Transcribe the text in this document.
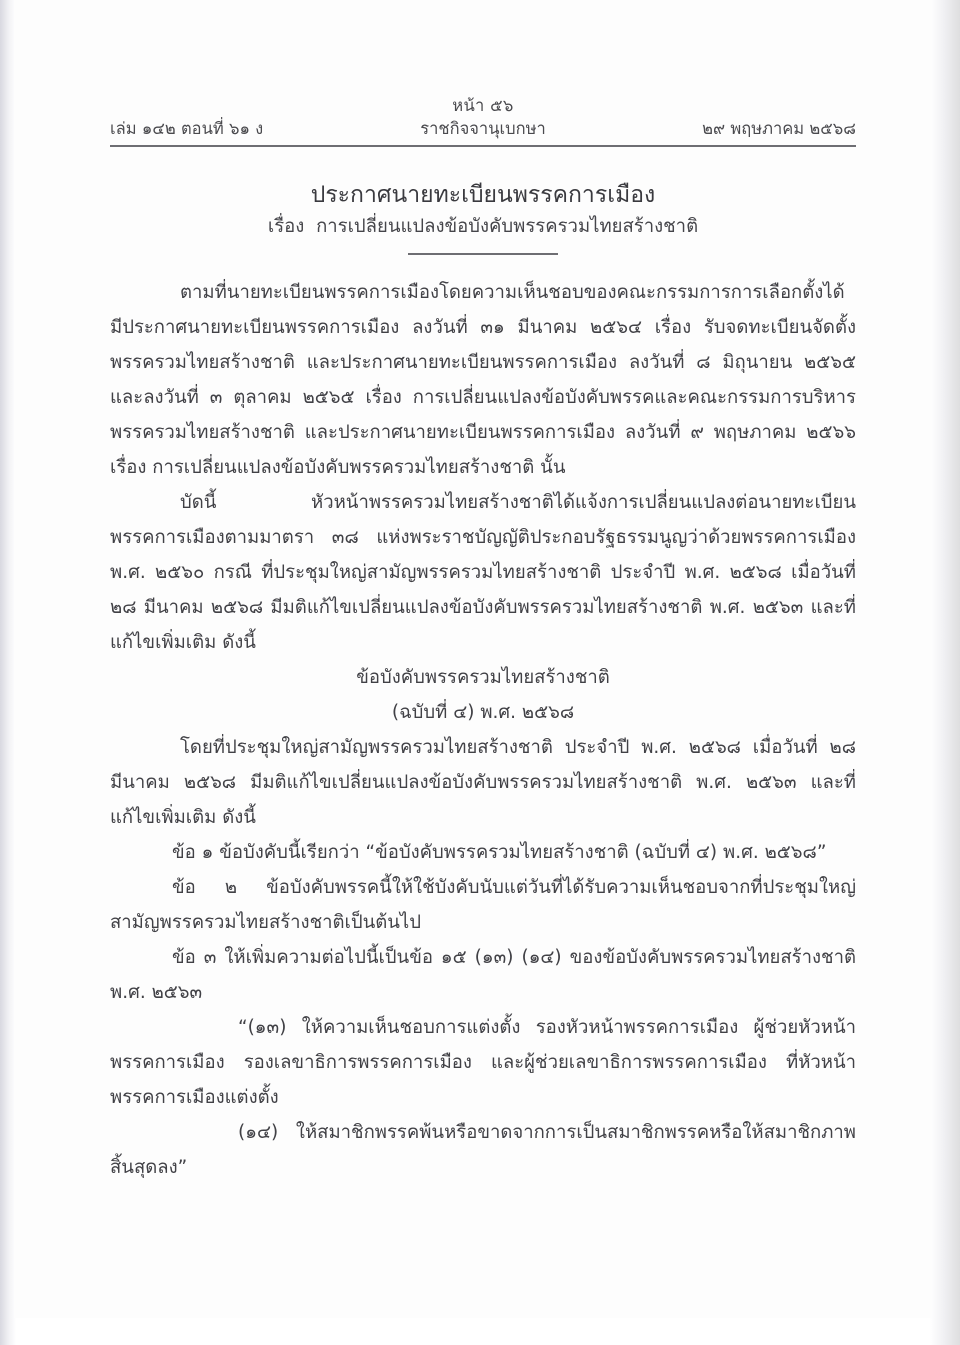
หน้า ๕๖
เล่ม ๑๔๒ ตอนที่ ๖๑ ง	ราชกิจจานุเบกษา	๒๙ พฤษภาคม ๒๕๖๘
ประกาศนายทะเบียนพรรคการเมือง
เรื่อง  การเปลี่ยนแปลงข้อบังคับพรรครวมไทยสร้างชาติ

ตามที่นายทะเบียนพรรคการเมืองโดยความเห็นชอบของคณะกรรมการการเลือกตั้งได้มีประกาศนายทะเบียนพรรคการเมือง ลงวันที่ ๓๑ มีนาคม ๒๕๖๔ เรื่อง รับจดทะเบียนจัดตั้งพรรครวมไทยสร้างชาติ และประกาศนายทะเบียนพรรคการเมือง ลงวันที่ ๘ มิถุนายน ๒๕๖๕ และลงวันที่ ๓ ตุลาคม ๒๕๖๕ เรื่อง การเปลี่ยนแปลงข้อบังคับพรรคและคณะกรรมการบริหารพรรครวมไทยสร้างชาติ และประกาศนายทะเบียนพรรคการเมือง ลงวันที่ ๙ พฤษภาคม ๒๕๖๖ เรื่อง การเปลี่ยนแปลงข้อบังคับพรรครวมไทยสร้างชาติ นั้น

บัดนี้ หัวหน้าพรรครวมไทยสร้างชาติได้แจ้งการเปลี่ยนแปลงต่อนายทะเบียนพรรคการเมืองตามมาตรา ๓๘ แห่งพระราชบัญญัติประกอบรัฐธรรมนูญว่าด้วยพรรคการเมือง พ.ศ. ๒๕๖๐ กรณี ที่ประชุมใหญ่สามัญพรรครวมไทยสร้างชาติ ประจำปี พ.ศ. ๒๕๖๘ เมื่อวันที่ ๒๘ มีนาคม ๒๕๖๘ มีมติแก้ไขเปลี่ยนแปลงข้อบังคับพรรครวมไทยสร้างชาติ พ.ศ. ๒๕๖๓ และที่แก้ไขเพิ่มเติม ดังนี้

ข้อบังคับพรรครวมไทยสร้างชาติ

(ฉบับที่ ๔) พ.ศ. ๒๕๖๘

โดยที่ประชุมใหญ่สามัญพรรครวมไทยสร้างชาติ ประจำปี พ.ศ. ๒๕๖๘ เมื่อวันที่ ๒๘ มีนาคม ๒๕๖๘ มีมติแก้ไขเปลี่ยนแปลงข้อบังคับพรรครวมไทยสร้างชาติ พ.ศ. ๒๕๖๓ และที่แก้ไขเพิ่มเติม ดังนี้

ข้อ ๑ ข้อบังคับนี้เรียกว่า “ข้อบังคับพรรครวมไทยสร้างชาติ (ฉบับที่ ๔) พ.ศ. ๒๕๖๘”

ข้อ ๒ ข้อบังคับพรรคนี้ให้ใช้บังคับนับแต่วันที่ได้รับความเห็นชอบจากที่ประชุมใหญ่สามัญพรรครวมไทยสร้างชาติเป็นต้นไป

ข้อ ๓ ให้เพิ่มความต่อไปนี้เป็นข้อ ๑๕ (๑๓) (๑๔) ของข้อบังคับพรรครวมไทยสร้างชาติ พ.ศ. ๒๕๖๓

“(๑๓) ให้ความเห็นชอบการแต่งตั้ง รองหัวหน้าพรรคการเมือง ผู้ช่วยหัวหน้าพรรคการเมือง รองเลขาธิการพรรคการเมือง และผู้ช่วยเลขาธิการพรรคการเมือง ที่หัวหน้าพรรคการเมืองแต่งตั้ง

(๑๔) ให้สมาชิกพรรคพ้นหรือขาดจากการเป็นสมาชิกพรรคหรือให้สมาชิกภาพสิ้นสุดลง”
